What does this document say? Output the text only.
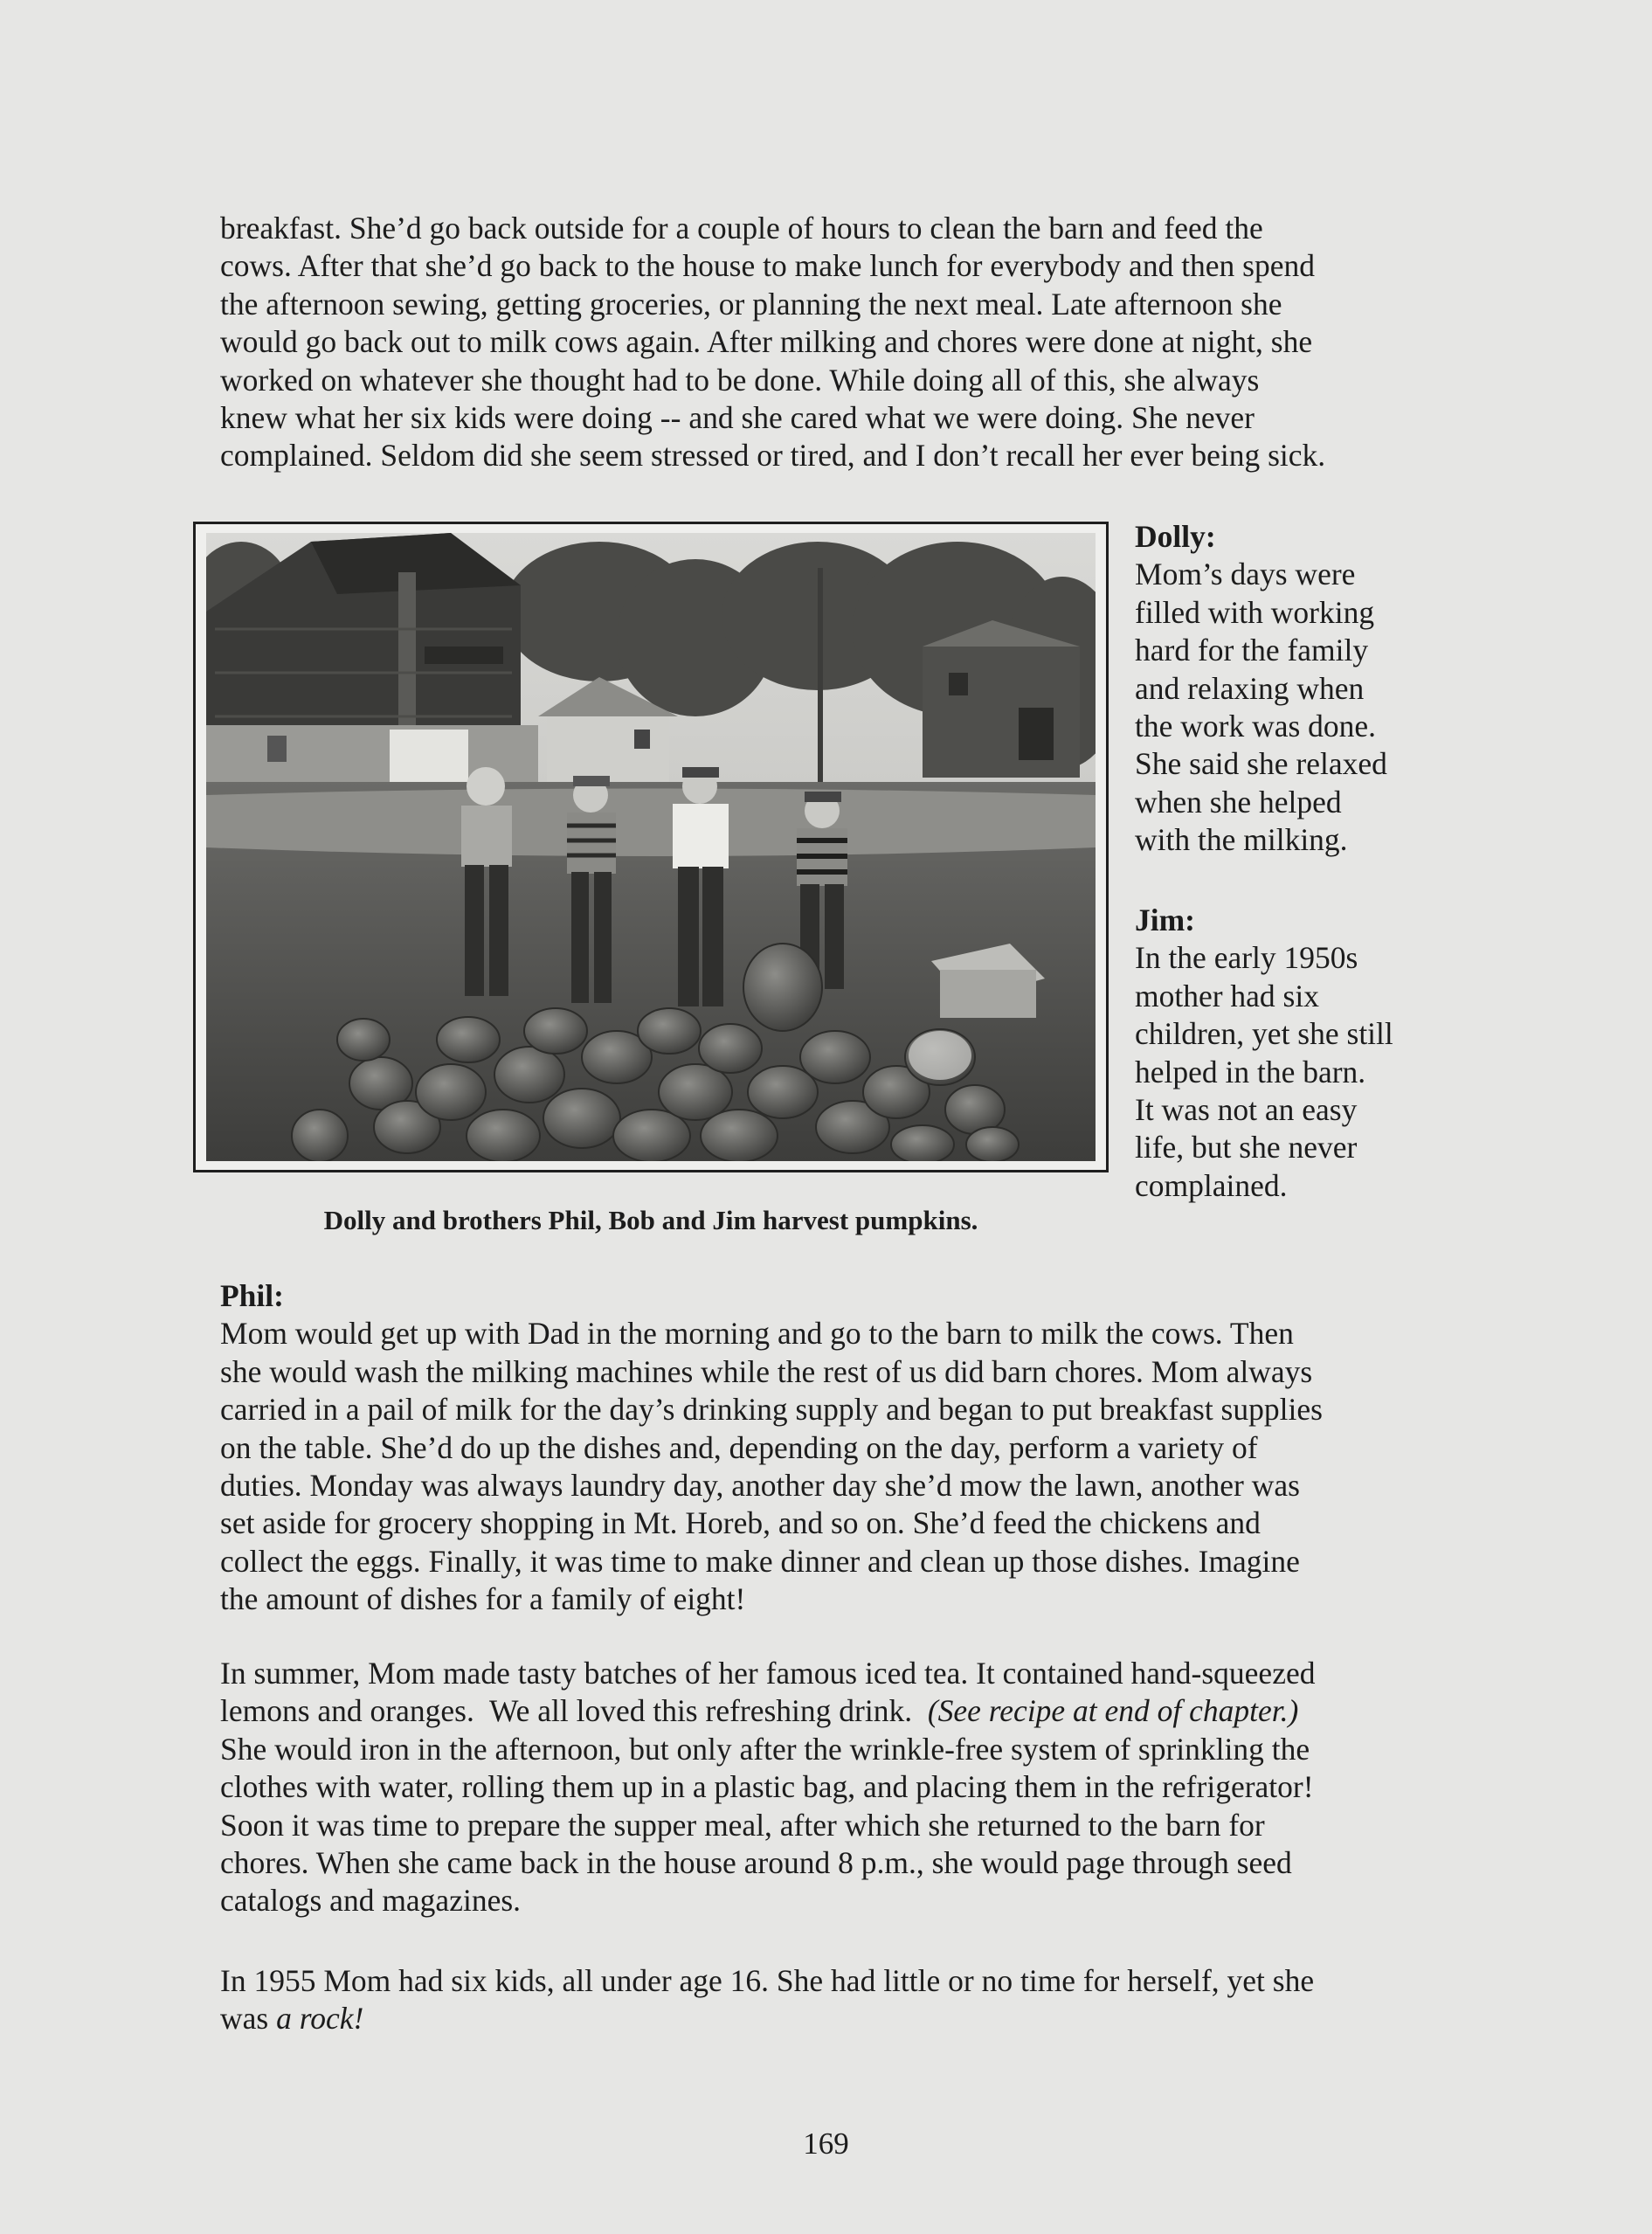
breakfast. She’d go back outside for a couple of hours to clean the barn and feed the
cows. After that she’d go back to the house to make lunch for everybody and then spend
the afternoon sewing, getting groceries, or planning the next meal. Late afternoon she
would go back out to milk cows again. After milking and chores were done at night, she
worked on whatever she thought had to be done. While doing all of this, she always
knew what her six kids were doing -- and she cared what we were doing. She never
complained. Seldom did she seem stressed or tired, and I don’t recall her ever being sick.
Dolly and brothers Phil, Bob and Jim harvest pumpkins.
Dolly:
Mom’s days were
filled with working
hard for the family
and relaxing when
the work was done.
She said she relaxed
when she helped
with the milking.
Jim:
In the early 1950s
mother had six
children, yet she still
helped in the barn.
It was not an easy
life, but she never
complained.
Phil:
Mom would get up with Dad in the morning and go to the barn to milk the cows. Then
she would wash the milking machines while the rest of us did barn chores. Mom always
carried in a pail of milk for the day’s drinking supply and began to put breakfast supplies
on the table. She’d do up the dishes and, depending on the day, perform a variety of
duties. Monday was always laundry day, another day she’d mow the lawn, another was
set aside for grocery shopping in Mt. Horeb, and so on. She’d feed the chickens and
collect the eggs. Finally, it was time to make dinner and clean up those dishes. Imagine
the amount of dishes for a family of eight!
In summer, Mom made tasty batches of her famous iced tea. It contained hand-squeezed
lemons and oranges.  We all loved this refreshing drink.  (See recipe at end of chapter.)
She would iron in the afternoon, but only after the wrinkle-free system of sprinkling the
clothes with water, rolling them up in a plastic bag, and placing them in the refrigerator!
Soon it was time to prepare the supper meal, after which she returned to the barn for
chores. When she came back in the house around 8 p.m., she would page through seed
catalogs and magazines.
In 1955 Mom had six kids, all under age 16. She had little or no time for herself, yet she
was a rock!
169
